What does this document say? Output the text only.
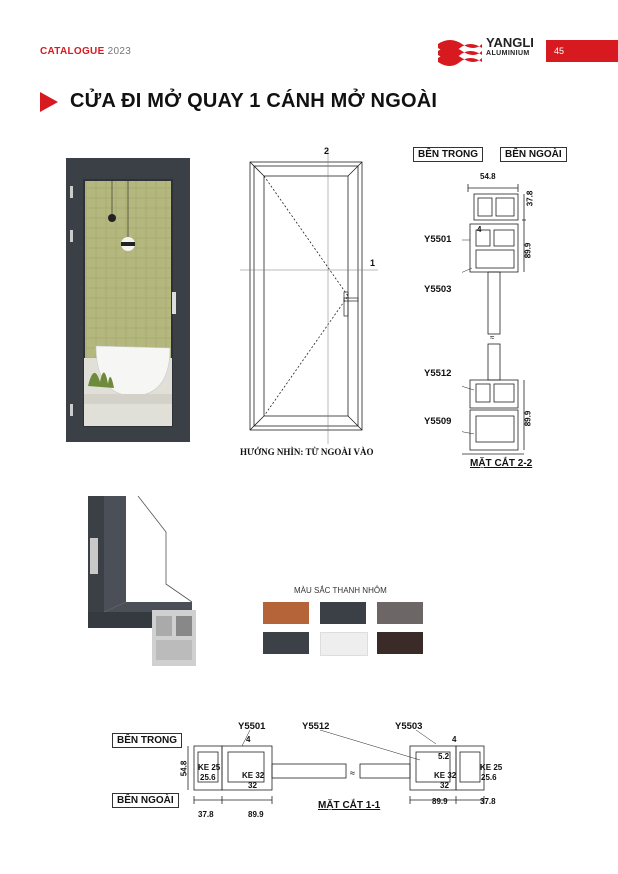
CATALOGUE 2023
YANGLI
ALUMINIUM	45
CỬA ĐI MỞ QUAY 1 CÁNH MỞ NGOÀI
2
1
HƯỚNG NHÌN: TỪ NGOÀI VÀO
BÊN TRONG	BÊN NGOÀI
54.8
37.8
89.9
89.9
4
Y5501
Y5503
Y5512
Y5509
≈
MẶT CẮT 2-2
MÀU SẮC THANH NHÔM
BÊN TRONG
BÊN NGOÀI
Y5501	Y5512	Y5503
≈
KE 25
25.6	KE 32
32
KE 32
32
KE 25
25.6
5.2
4	4
54.8
37.8	89.9
89.9	37.8
MẶT CẮT 1-1
